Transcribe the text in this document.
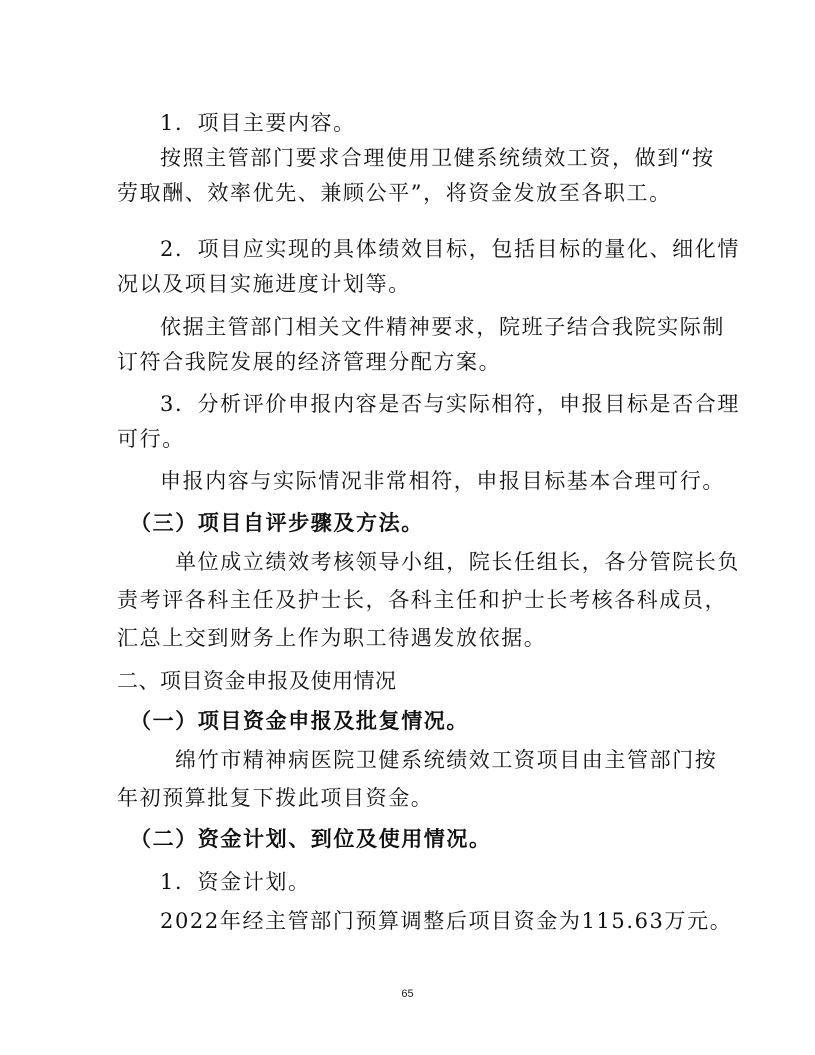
1．项目主要内容。
按照主管部门要求合理使用卫健系统绩效工资，做到“按
劳取酬、效率优先、兼顾公平”，将资金发放至各职工。
2．项目应实现的具体绩效目标，包括目标的量化、细化情
况以及项目实施进度计划等。
依据主管部门相关文件精神要求，院班子结合我院实际制
订符合我院发展的经济管理分配方案。
3．分析评价申报内容是否与实际相符，申报目标是否合理
可行。
申报内容与实际情况非常相符，申报目标基本合理可行。
（三）项目自评步骤及方法。
单位成立绩效考核领导小组，院长任组长，各分管院长负
责考评各科主任及护士长，各科主任和护士长考核各科成员，
汇总上交到财务上作为职工待遇发放依据。
二、项目资金申报及使用情况
（一）项目资金申报及批复情况。
绵竹市精神病医院卫健系统绩效工资项目由主管部门按
年初预算批复下拨此项目资金。
（二）资金计划、到位及使用情况。
1．资金计划。
2022年经主管部门预算调整后项目资金为115.63万元。
65
